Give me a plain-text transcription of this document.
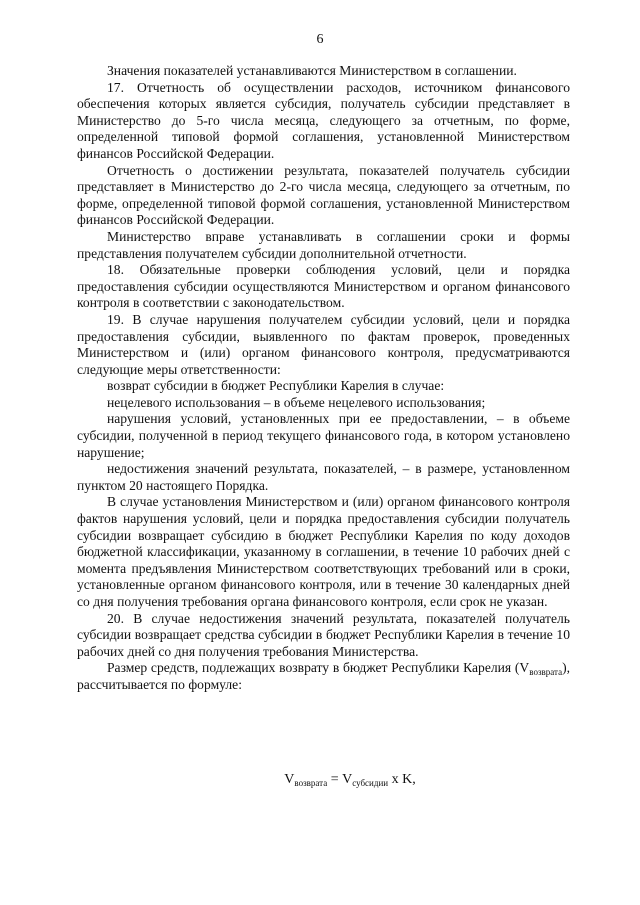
6

Значения показателей устанавливаются Министерством в соглашении.

17. Отчетность об осуществлении расходов, источником финансового обеспечения которых является субсидия, получатель субсидии представляет в Министерство до 5-го числа месяца, следующего за отчетным, по форме, определенной типовой формой соглашения, установленной Министерством финансов Российской Федерации.

Отчетность о достижении результата, показателей получатель субсидии представляет в Министерство до 2-го числа месяца, следующего за отчетным, по форме, определенной типовой формой соглашения, установленной Министерством финансов Российской Федерации.

Министерство вправе устанавливать в соглашении сроки и формы представления получателем субсидии дополнительной отчетности.

18. Обязательные проверки соблюдения условий, цели и порядка предоставления субсидии осуществляются Министерством и органом финансового контроля в соответствии с законодательством.

19. В случае нарушения получателем субсидии условий, цели и порядка предоставления субсидии, выявленного по фактам проверок, проведенных Министерством и (или) органом финансового контроля, предусматриваются следующие меры ответственности:

возврат субсидии в бюджет Республики Карелия в случае:

нецелевого использования – в объеме нецелевого использования;

нарушения условий, установленных при ее предоставлении, – в объеме субсидии, полученной в период текущего финансового года, в котором установлено нарушение;

недостижения значений результата, показателей, – в размере, установленном пунктом 20 настоящего Порядка.

В случае установления Министерством и (или) органом финансового контроля фактов нарушения условий, цели и порядка предоставления субсидии получатель субсидии возвращает субсидию в бюджет Республики Карелия по коду доходов бюджетной классификации, указанному в соглашении, в течение 10 рабочих дней с момента предъявления Министерством соответствующих требований или в сроки, установленные органом финансового контроля, или в течение 30 календарных дней со дня получения требования органа финансового контроля, если срок не указан.

20. В случае недостижения значений результата, показателей получатель субсидии возвращает средства субсидии в бюджет Республики Карелия в течение 10 рабочих дней со дня получения требования Министерства.

Размер средств, подлежащих возврату в бюджет Республики Карелия $(V_{возврата})$, рассчитывается по формуле:

$V_{возврата} = V_{субсидии}$ x K,
